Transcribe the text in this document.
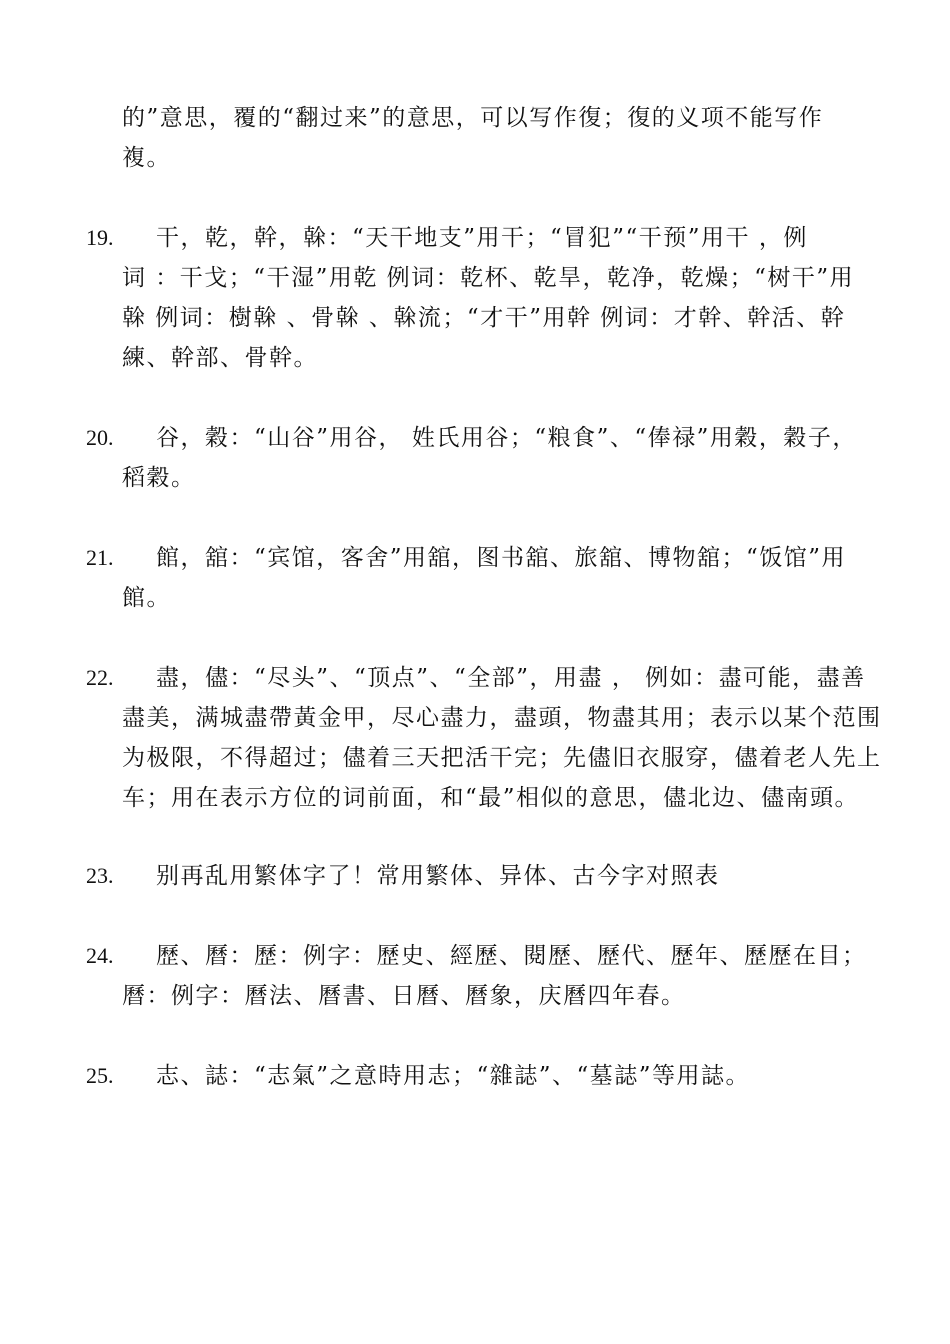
的”意思，覆的“翻过来”的意思，可以写作復；復的义项不能写作
複。
19. 干，乾，幹，榦：“天干地支”用干；“冒犯”“干预”用干 ，例
词 ：干戈；“干湿”用乾 例词：乾杯、乾旱，乾净，乾燥；“树干”用
榦 例词：樹榦 、骨榦 、榦流；“才干”用幹 例词：才幹、幹活、幹
練、幹部、骨幹。
20. 谷，穀：“山谷”用谷， 姓氏用谷；“粮食”、“俸禄”用穀，穀子，
稻穀。
21. 館，舘：“宾馆，客舍”用舘，图书舘、旅舘、博物舘；“饭馆”用
館。
22. 盡，儘：“尽头”、“顶点”、“全部”，用盡 ， 例如：盡可能，盡善
盡美，满城盡帶黃金甲，尽心盡力，盡頭，物盡其用；表示以某个范围
为极限，不得超过；儘着三天把活干完；先儘旧衣服穿，儘着老人先上
车；用在表示方位的词前面，和“最”相似的意思，儘北边、儘南頭。
23. 别再乱用繁体字了！常用繁体、异体、古今字对照表
24. 歷、曆：歷：例字：歷史、經歷、閱歷、歷代、歷年、歷歷在目；
曆：例字：曆法、曆書、日曆、曆象，庆曆四年春。
25. 志、誌：“志氣”之意時用志；“雜誌”、“墓誌”等用誌。
